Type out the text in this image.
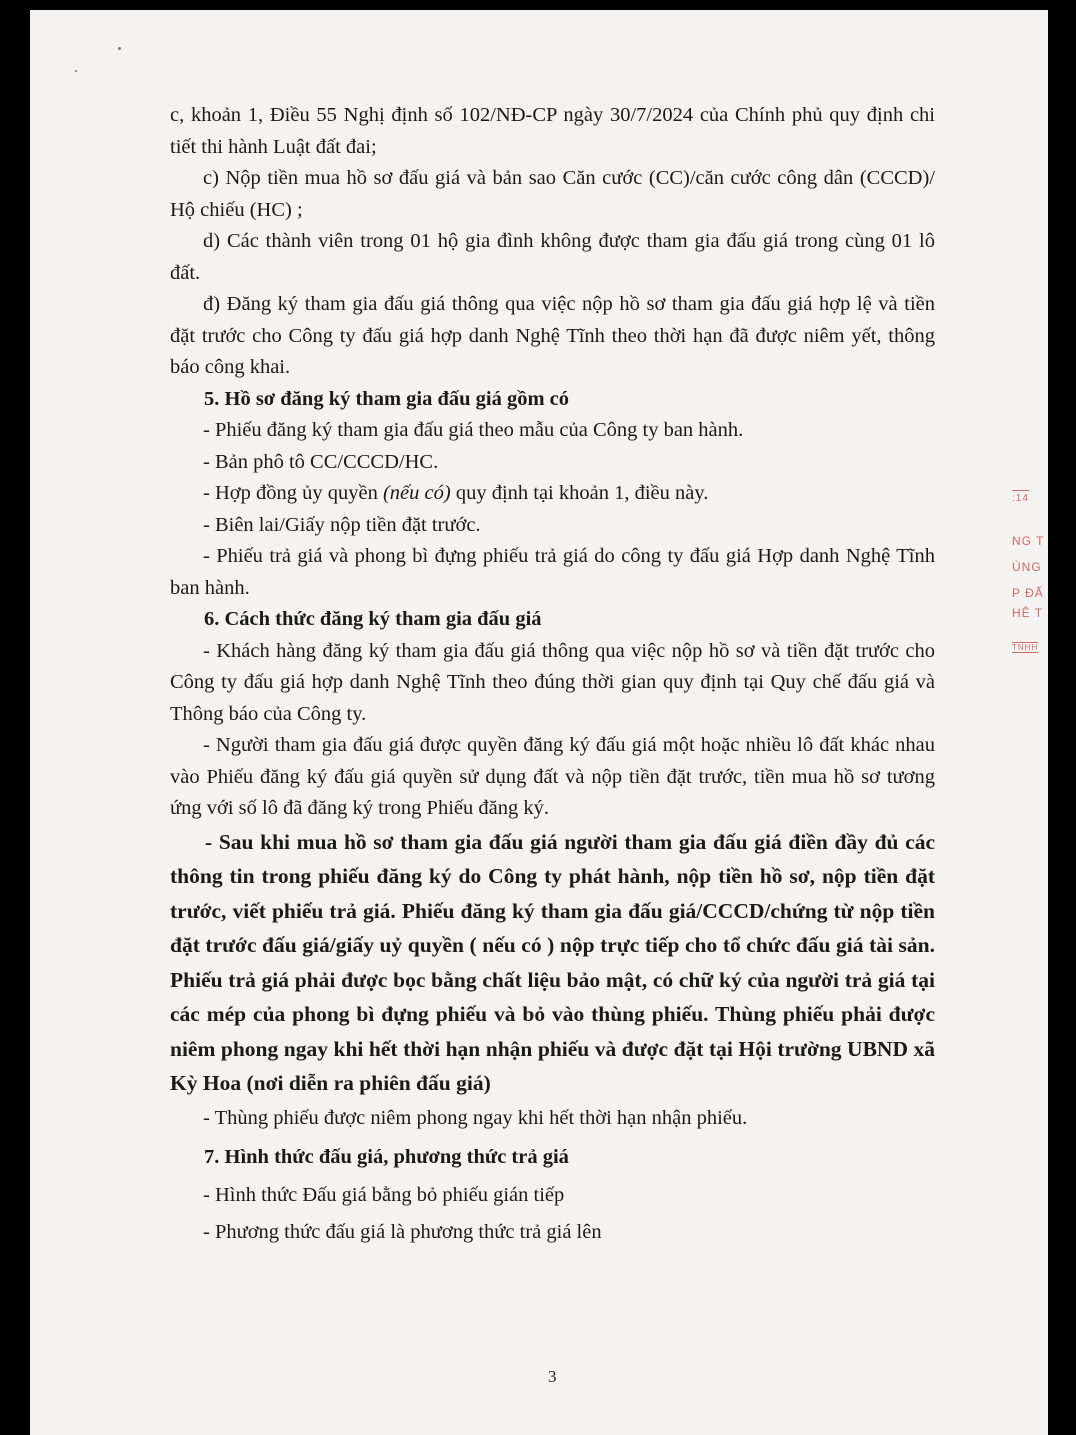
c, khoản 1, Điều 55 Nghị định số 102/NĐ-CP ngày 30/7/2024 của Chính phủ quy định chi tiết thi hành Luật đất đai;

c) Nộp tiền mua hồ sơ đấu giá và bản sao Căn cước (CC)/căn cước công dân (CCCD)/ Hộ chiếu (HC) ;

d) Các thành viên trong 01 hộ gia đình không được tham gia đấu giá trong cùng 01 lô đất.

đ) Đăng ký tham gia đấu giá thông qua việc nộp hồ sơ tham gia đấu giá hợp lệ và tiền đặt trước cho Công ty đấu giá hợp danh Nghệ Tĩnh theo thời hạn đã được niêm yết, thông báo công khai.

5. Hồ sơ đăng ký tham gia đấu giá gồm có

- Phiếu đăng ký tham gia đấu giá theo mẫu của Công ty ban hành.

- Bản phô tô CC/CCCD/HC.

- Hợp đồng ủy quyền (nếu có) quy định tại khoản 1, điều này.

- Biên lai/Giấy nộp tiền đặt trước.

- Phiếu trả giá và phong bì đựng phiếu trả giá do công ty đấu giá Hợp danh Nghệ Tĩnh ban hành.

6. Cách thức đăng ký tham gia đấu giá

- Khách hàng đăng ký tham gia đấu giá thông qua việc nộp hồ sơ và tiền đặt trước cho Công ty đấu giá hợp danh Nghệ Tĩnh theo đúng thời gian quy định tại Quy chế đấu giá và Thông báo của Công ty.

- Người tham gia đấu giá được quyền đăng ký đấu giá một hoặc nhiều lô đất khác nhau vào Phiếu đăng ký đấu giá quyền sử dụng đất và nộp tiền đặt trước, tiền mua hồ sơ tương ứng với số lô đã đăng ký trong Phiếu đăng ký.

- Sau khi mua hồ sơ tham gia đấu giá người tham gia đấu giá điền đầy đủ các thông tin trong phiếu đăng ký do Công ty phát hành, nộp tiền hồ sơ, nộp tiền đặt trước, viết phiếu trả giá. Phiếu đăng ký tham gia đấu giá/CCCD/chứng từ nộp tiền đặt trước đấu giá/giấy uỷ quyền ( nếu có ) nộp trực tiếp cho tổ chức đấu giá tài sản. Phiếu trả giá phải được bọc bằng chất liệu bảo mật, có chữ ký của người trả giá tại các mép của phong bì đựng phiếu và bỏ vào thùng phiếu. Thùng phiếu phải được niêm phong ngay khi hết thời hạn nhận phiếu và được đặt tại Hội trường UBND xã Kỳ Hoa (nơi diễn ra phiên đấu giá)

- Thùng phiếu được niêm phong ngay khi hết thời hạn nhận phiếu.

7. Hình thức đấu giá, phương thức trả giá

- Hình thức Đấu giá bằng bỏ phiếu gián tiếp

- Phương thức đấu giá là phương thức trả giá lên

3
:14
NG T
ÙNG
P ĐẤ
HÊ T
TNHH
